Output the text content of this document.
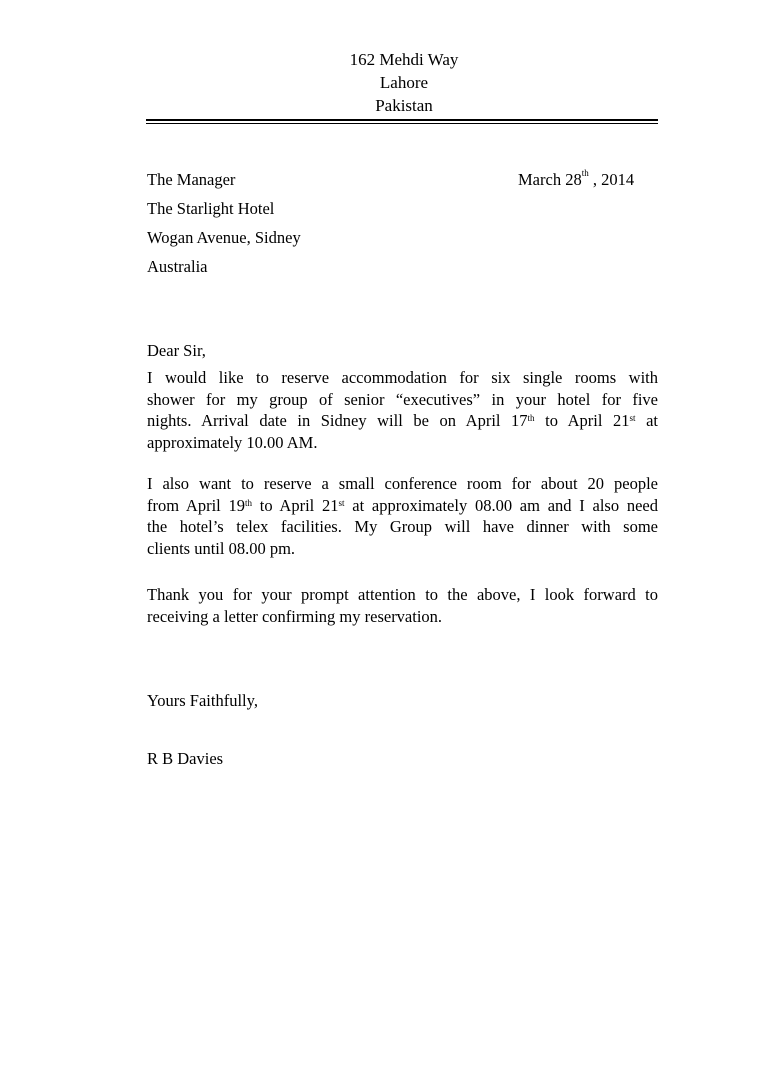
162 Mehdi Way
Lahore
Pakistan
The Manager	March 28th , 2014
The Starlight Hotel
Wogan Avenue, Sidney
Australia
Dear Sir,
I would like to reserve accommodation for six single rooms with
shower for my group of senior “executives” in your hotel for five
nights. Arrival date in Sidney will be on April 17th to April 21st at
approximately 10.00 AM.
I also want to reserve a small conference room for about 20 people
from April 19th to April 21st at approximately 08.00 am and I also need
the hotel’s telex facilities. My Group will have dinner with some
clients until 08.00 pm.
Thank you for your prompt attention to the above, I look forward to
receiving a letter confirming my reservation.
Yours Faithfully,
R B Davies
